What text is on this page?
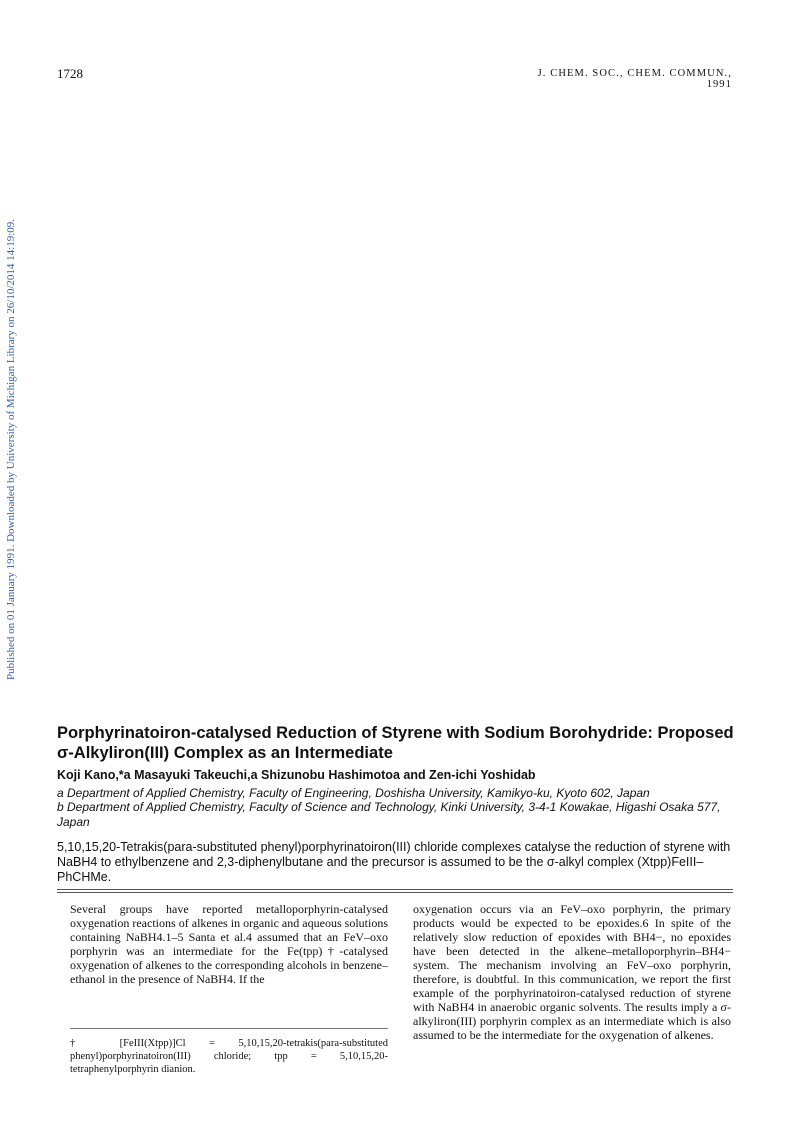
1728	J. CHEM. SOC., CHEM. COMMUN., 1991
Published on 01 January 1991. Downloaded by University of Michigan Library on 26/10/2014 14:19:09.
Porphyrinatoiron-catalysed Reduction of Styrene with Sodium Borohydride: Proposed σ-Alkyliron(III) Complex as an Intermediate
Koji Kano,*a Masayuki Takeuchi,a Shizunobu Hashimotoa and Zen-ichi Yoshidab
a Department of Applied Chemistry, Faculty of Engineering, Doshisha University, Kamikyo-ku, Kyoto 602, Japan
b Department of Applied Chemistry, Faculty of Science and Technology, Kinki University, 3-4-1 Kowakae, Higashi Osaka 577, Japan
5,10,15,20-Tetrakis(para-substituted phenyl)porphyrinatoiron(III) chloride complexes catalyse the reduction of styrene with NaBH4 to ethylbenzene and 2,3-diphenylbutane and the precursor is assumed to be the σ-alkyl complex (Xtpp)FeIII–PhCHMe.
Several groups have reported metalloporphyrin-catalysed oxygenation reactions of alkenes in organic and aqueous solutions containing NaBH4.1–5 Santa et al.4 assumed that an FeV–oxo porphyrin was an intermediate for the Fe(tpp)†-catalysed oxygenation of alkenes to the corresponding alcohols in benzene–ethanol in the presence of NaBH4. If the
oxygenation occurs via an FeV–oxo porphyrin, the primary products would be expected to be epoxides.6 In spite of the relatively slow reduction of epoxides with BH4−, no epoxides have been detected in the alkene–metalloporphyrin–BH4− system. The mechanism involving an FeV–oxo porphyrin, therefore, is doubtful. In this communication, we report the first example of the porphyrinatoiron-catalysed reduction of styrene with NaBH4 in anaerobic organic solvents. The results imply a σ-alkyliron(III) porphyrin complex as an intermediate which is also assumed to be the intermediate for the oxygenation of alkenes.
† [FeIII(Xtpp)]Cl = 5,10,15,20-tetrakis(para-substituted phenyl)porphyrinatoiron(III) chloride; tpp = 5,10,15,20-tetraphenylporphyrin dianion.
